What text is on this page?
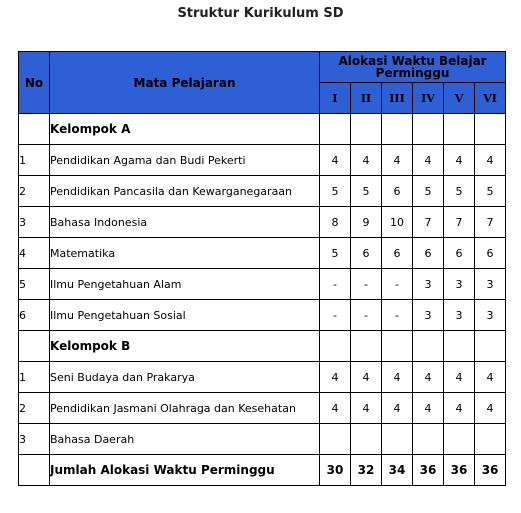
Struktur Kurikulum SD
No	Mata Pelajaran	Alokasi Waktu Belajar Perminggu					
		I	II	III	IV	V	VI
	Kelompok A						
1	Pendidikan Agama dan Budi Pekerti	4	4	4	4	4	4
2	Pendidikan Pancasila dan Kewarganegaraan	5	5	6	5	5	5
3	Bahasa Indonesia	8	9	10	7	7	7
4	Matematika	5	6	6	6	6	6
5	Ilmu Pengetahuan Alam	-	-	-	3	3	3
6	Ilmu Pengetahuan Sosial	-	-	-	3	3	3
	Kelompok B						
1	Seni Budaya dan Prakarya	4	4	4	4	4	4
2	Pendidikan Jasmani Olahraga dan Kesehatan	4	4	4	4	4	4
3	Bahasa Daerah						
	Jumlah Alokasi Waktu Perminggu	30	32	34	36	36	36
